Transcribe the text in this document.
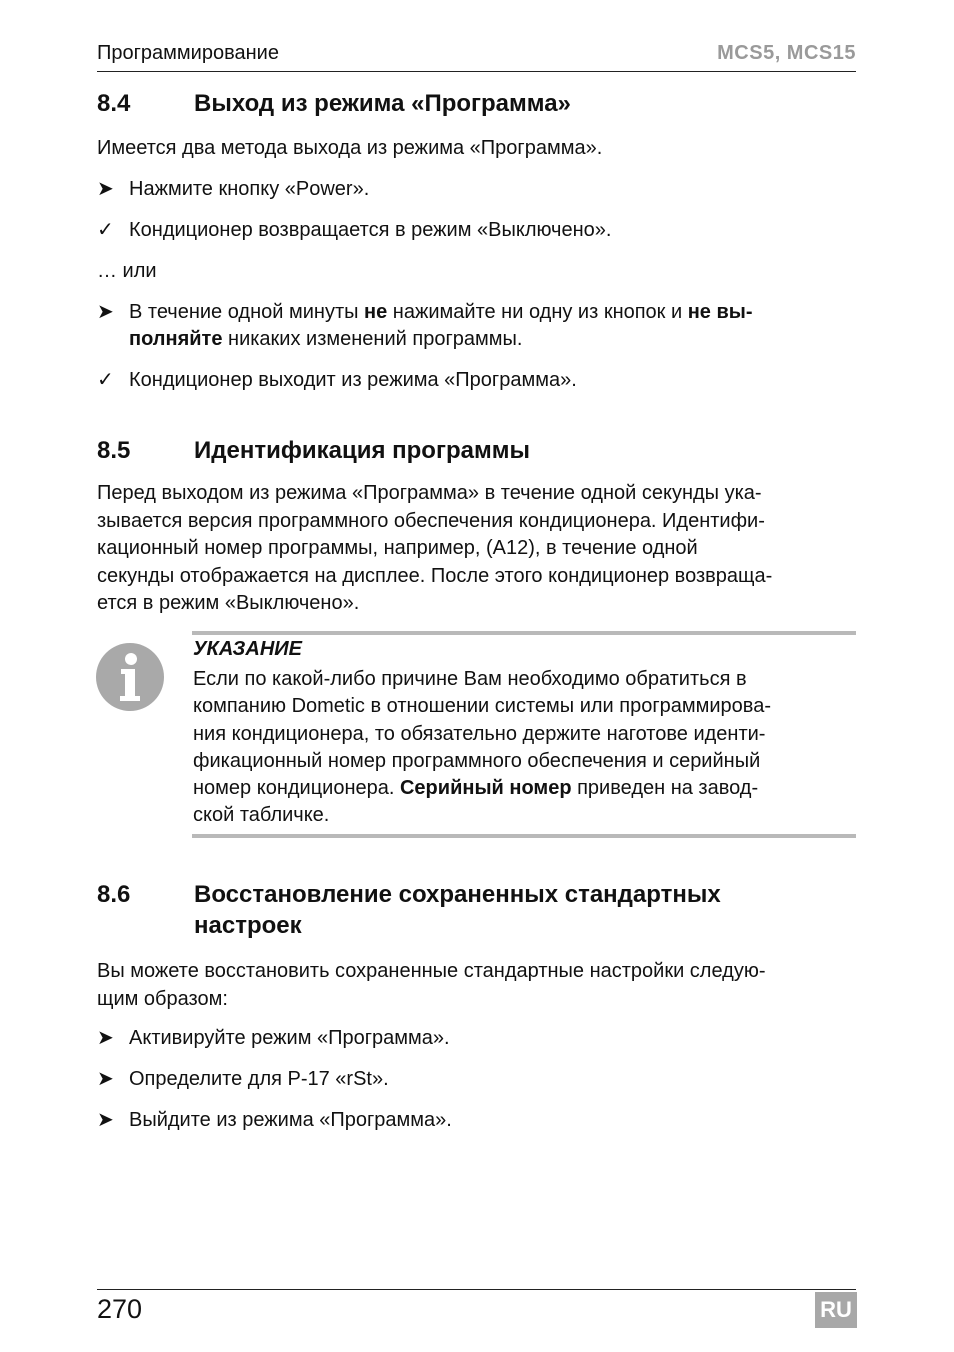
Программирование	MCS5, MCS15
8.4	Выход из режима «Программа»
Имеется два метода выхода из режима «Программа».
➤ Нажмите кнопку «Power».
✓ Кондиционер возвращается в режим «Выключено».
… или
➤ В течение одной минуты не нажимайте ни одну из кнопок и не вы-
полняйте никаких изменений программы.
✓ Кондиционер выходит из режима «Программа».
8.5	Идентификация программы
Перед выходом из режима «Программа» в течение одной секунды ука-
зывается версия программного обеспечения кондиционера. Идентифи-
кационный номер программы, например, (A12), в течение одной
секунды отображается на дисплее. После этого кондиционер возвраща-
ется в режим «Выключено».
УКАЗАНИЕ
Если по какой-либо причине Вам необходимо обратиться в
компанию Dometic в отношении системы или программирова-
ния кондиционера, то обязательно держите наготове иденти-
фикационный номер программного обеспечения и серийный
номер кондиционера. Серийный номер приведен на завод-
ской табличке.
8.6	Восстановление сохраненных стандартных
настроек
Вы можете восстановить сохраненные стандартные настройки следую-
щим образом:
➤ Активируйте режим «Программа».
➤ Определите для P-17 «rSt».
➤ Выйдите из режима «Программа».
270	RU
